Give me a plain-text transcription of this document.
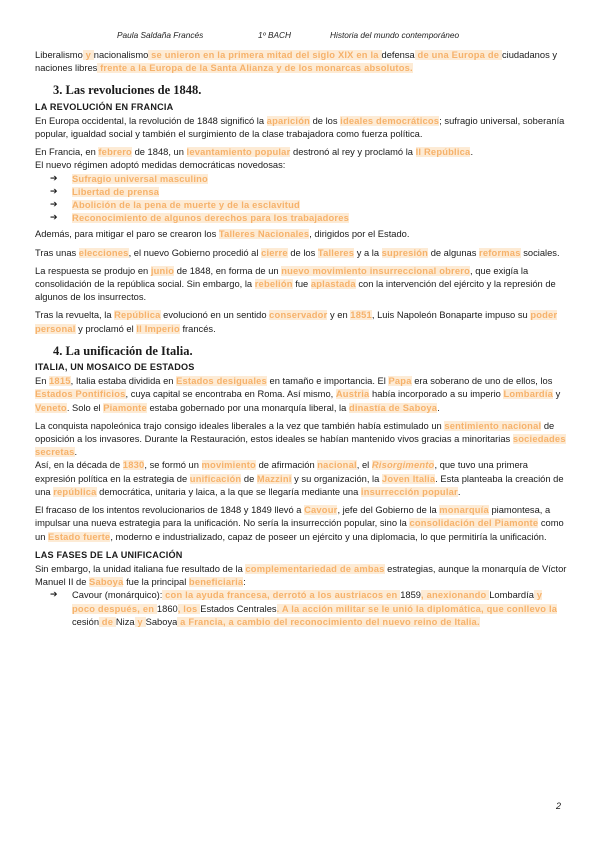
Paula Saldaña Francés	1º BACH	Historia del mundo contemporáneo

Liberalismo y nacionalismo se unieron en la primera mitad del siglo XIX en la defensa de una Europa de ciudadanos y naciones libres frente a la Europa de la Santa Alianza y de los monarcas absolutos.

3. Las revoluciones de 1848.
LA REVOLUCIÓN EN FRANCIA

En Europa occidental, la revolución de 1848 significó la aparición de los ideales democráticos; sufragio universal, soberanía popular, igualdad social y también el surgimiento de la clase trabajadora como fuerza política.

En Francia, en febrero de 1848, un levantamiento popular destronó al rey y proclamó la II República.

El nuevo régimen adoptó medidas democráticas novedosas:

➔ Sufragio universal masculino
➔ Libertad de prensa
➔ Abolición de la pena de muerte y de la esclavitud
➔ Reconocimiento de algunos derechos para los trabajadores

Además, para mitigar el paro se crearon los Talleres Nacionales, dirigidos por el Estado.

Tras unas elecciones, el nuevo Gobierno procedió al cierre de los Talleres y a la supresión de algunas reformas sociales.

La respuesta se produjo en junio de 1848, en forma de un nuevo movimiento insurreccional obrero, que exigía la consolidación de la república social. Sin embargo, la rebelión fue aplastada con la intervención del ejército y la represión de algunos de los insurrectos.

Tras la revuelta, la República evolucionó en un sentido conservador y en 1851, Luis Napoleón Bonaparte impuso su poder personal y proclamó el II Imperio francés.

4. La unificación de Italia.
ITALIA, UN MOSAICO DE ESTADOS

En 1815, Italia estaba dividida en Estados desiguales en tamaño e importancia. El Papa era soberano de uno de ellos, los Estados Pontificios, cuya capital se encontraba en Roma. Así mismo, Austria había incorporado a su imperio Lombardía y Veneto. Solo el Piamonte estaba gobernado por una monarquía liberal, la dinastía de Saboya.

La conquista napoleónica trajo consigo ideales liberales a la vez que también había estimulado un sentimiento nacional de oposición a los invasores. Durante la Restauración, estos ideales se habían mantenido vivos gracias a minoritarias sociedades secretas.

Así, en la década de 1830, se formó un movimiento de afirmación nacional, el Risorgimento, que tuvo una primera expresión política en la estrategia de unificación de Mazzini y su organización, la Joven Italia. Esta planteaba la creación de una república democrática, unitaria y laica, a la que se llegaría mediante una insurrección popular.

El fracaso de los intentos revolucionarios de 1848 y 1849 llevó a Cavour, jefe del Gobierno de la monarquía piamontesa, a impulsar una nueva estrategia para la unificación. No sería la insurrección popular, sino la consolidación del Piamonte como un Estado fuerte, moderno e industrializado, capaz de poseer un ejército y una diplomacia, lo que permitiría la unificación.

LAS FASES DE LA UNIFICACIÓN

Sin embargo, la unidad italiana fue resultado de la complementariedad de ambas estrategias, aunque la monarquía de Víctor Manuel II de Saboya fue la principal beneficiaria:

➔ Cavour (monárquico): con la ayuda francesa, derrotó a los austriacos en 1859, anexionando Lombardía y poco después, en 1860, los Estados Centrales. A la acción militar se le unió la diplomática, que conllevo la cesión de Niza y Saboya a Francia, a cambio del reconocimiento del nuevo reino de Italia.
2
